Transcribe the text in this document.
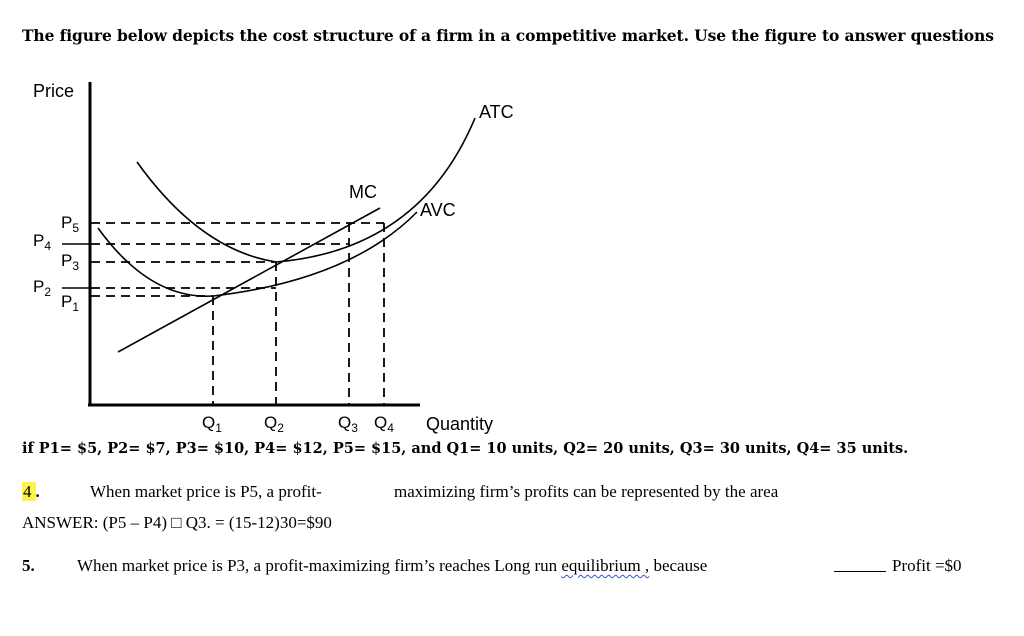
The figure below depicts the cost structure of a firm in a competitive market. Use the figure to answer questions
ATC
AVC
MC
Price
Quantity
$P_5$
$P_4$
$P_3$
$P_2$ $P_1$
$Q_1$ $Q_2$	$Q_3$ $Q_4$
if P1= $5, P2= $7, P3= $10, P4= $12, P5= $15, and Q1= 10 units, Q2= 20 units, Q3= 30 units, Q4= 35 units.
4 .	When market price is P5, a profit-	maximizing firm’s profits can be represented by the area
ANSWER: (P5 – P4) □ Q3. = (15-12)30=$90
5. When market price is P3, a profit-maximizing firm’s reaches Long run equilibrium , because	Profit =$0
